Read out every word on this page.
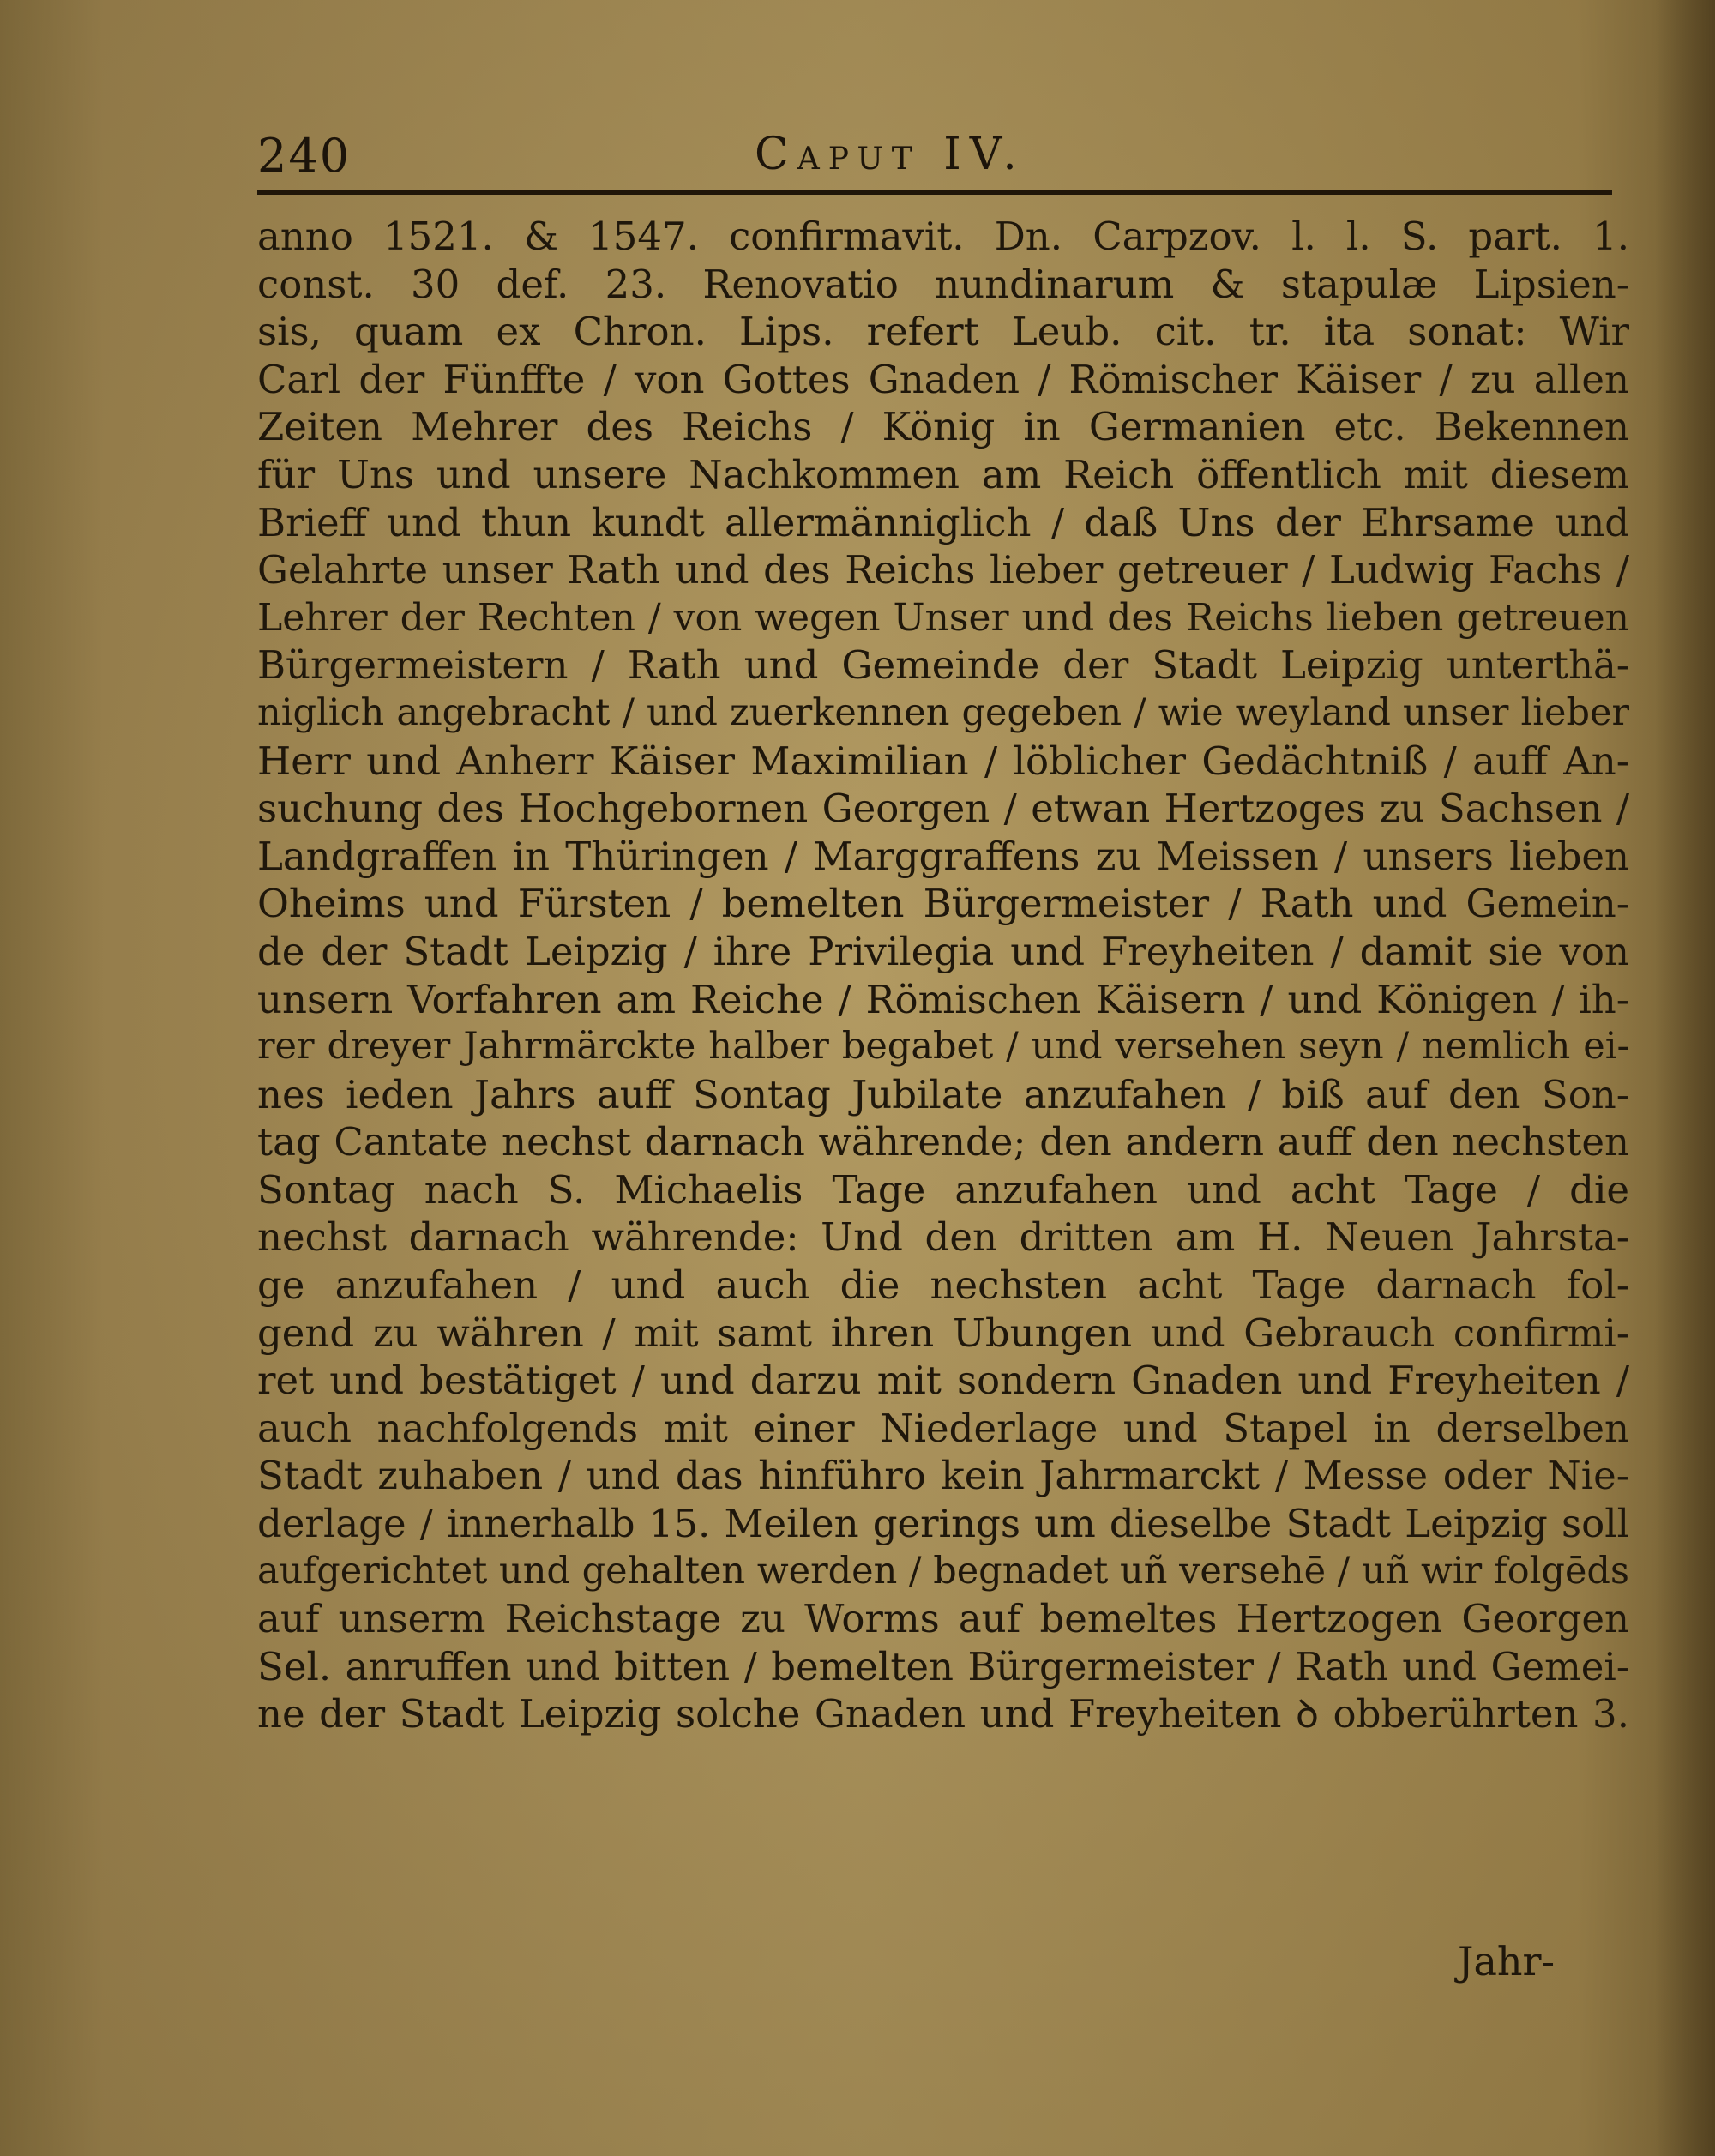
240	Caput IV.
anno 1521. & 1547. confirmavit. Dn. Carpzov. l. l. S. part. 1.
const. 30 def. 23. Renovatio nundinarum & stapulæ Lipsien-
sis, quam ex Chron. Lips. refert Leub. cit. tr. ita sonat: Wir
Carl der Fünffte / von Gottes Gnaden / Römischer Käiser / zu allen
Zeiten Mehrer des Reichs / König in Germanien etc. Bekennen
für Uns und unsere Nachkommen am Reich öffentlich mit diesem
Brieff und thun kundt allermänniglich / daß Uns der Ehrsame und
Gelahrte unser Rath und des Reichs lieber getreuer / Ludwig Fachs /
Lehrer der Rechten / von wegen Unser und des Reichs lieben getreuen
Bürgermeistern / Rath und Gemeinde der Stadt Leipzig unterthä-
niglich angebracht / und zuerkennen gegeben / wie weyland unser lieber
Herr und Anherr Käiser Maximilian / löblicher Gedächtniß / auff An-
suchung des Hochgebornen Georgen / etwan Hertzoges zu Sachsen /
Landgraffen in Thüringen / Marggraffens zu Meissen / unsers lieben
Oheims und Fürsten / bemelten Bürgermeister / Rath und Gemein-
de der Stadt Leipzig / ihre Privilegia und Freyheiten / damit sie von
unsern Vorfahren am Reiche / Römischen Käisern / und Königen / ih-
rer dreyer Jahrmärckte halber begabet / und versehen seyn / nemlich ei-
nes ieden Jahrs auff Sontag Jubilate anzufahen / biß auf den Son-
tag Cantate nechst darnach währende; den andern auff den nechsten
Sontag nach S. Michaelis Tage anzufahen und acht Tage / die
nechst darnach währende: Und den dritten am H. Neuen Jahrsta-
ge anzufahen / und auch die nechsten acht Tage darnach fol-
gend zu währen / mit samt ihren Ubungen und Gebrauch confirmi-
ret und bestätiget / und darzu mit sondern Gnaden und Freyheiten /
auch nachfolgends mit einer Niederlage und Stapel in derselben
Stadt zuhaben / und das hinführo kein Jahrmarckt / Messe oder Nie-
derlage / innerhalb 15. Meilen gerings um dieselbe Stadt Leipzig soll
aufgerichtet und gehalten werden / begnadet uñ versehē / uñ wir folgēds
auf unserm Reichstage zu Worms auf bemeltes Hertzogen Georgen
Sel. anruffen und bitten / bemelten Bürgermeister / Rath und Gemei-
ne der Stadt Leipzig solche Gnaden und Freyheiten ꝺ obberührten 3.
Jahr-
